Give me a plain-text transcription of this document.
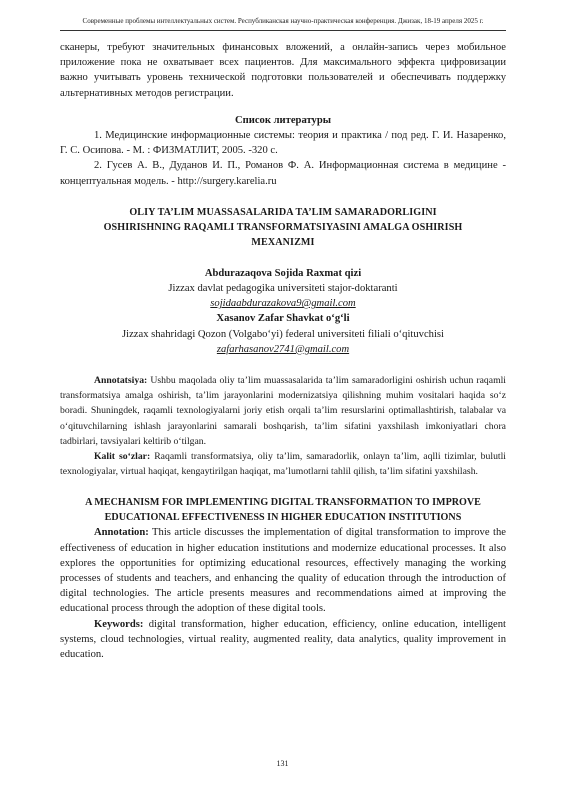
Современные проблемы интеллектуальных систем. Республиканская научно-практическая конференция. Джизак, 18-19 апреля 2025 г.

сканеры, требуют значительных финансовых вложений, а онлайн-запись через мобильное приложение пока не охватывает всех пациентов. Для максимального эффекта цифровизации важно учитывать уровень технической подготовки пользователей и обеспечивать поддержку альтернативных методов регистрации.

Список литературы

1. Медицинские информационные системы: теория и практика / под ред. Г. И. Назаренко, Г. С. Осипова. - М. : ФИЗМАТЛИТ, 2005. -320 с.

2. Гусев А. В., Дуданов И. П., Романов Ф. А. Информационная система в медицине - концептуальная модель. - http://surgery.karelia.ru

OLIY TA’LIM MUASSASALARIDA TA’LIM SAMARADORLIGINI OSHIRISHNING RAQAMLI TRANSFORMATSIYASINI AMALGA OSHIRISH MEXANIZMI

Abdurazaqova Sojida Raxmat qizi

Jizzax davlat pedagogika universiteti stajor-doktaranti

sojidaabdurazakova9@gmail.com

Xasanov Zafar Shavkat o‘g‘li

Jizzax shahridagi Qozon (Volgabo‘yi) federal universiteti filiali o‘qituvchisi

zafarhasanov2741@gmail.com

Annotatsiya: Ushbu maqolada oliy ta’lim muassasalarida ta’lim samaradorligini oshirish uchun raqamli transformatsiya amalga oshirish, ta’lim jarayonlarini modernizatsiya qilishning muhim vositalari haqida so‘z boradi. Shuningdek, raqamli texnologiyalarni joriy etish orqali ta’lim resurslarini optimallashtirish, talabalar va o‘qituvchilarning ishlash jarayonlarini samarali boshqarish, ta’lim sifatini yaxshilash imkoniyatlari chora tadbirlari, tavsiyalari keltirib o‘tilgan.

Kalit so‘zlar: Raqamli transformatsiya, oliy ta’lim, samaradorlik, onlayn ta’lim, aqlli tizimlar, bulutli texnologiyalar, virtual haqiqat, kengaytirilgan haqiqat, ma’lumotlarni tahlil qilish, ta’lim sifatini yaxshilash.

A MECHANISM FOR IMPLEMENTING DIGITAL TRANSFORMATION TO IMPROVE EDUCATIONAL EFFECTIVENESS IN HIGHER EDUCATION INSTITUTIONS

Annotation: This article discusses the implementation of digital transformation to improve the effectiveness of education in higher education institutions and modernize educational processes. It also explores the opportunities for optimizing educational resources, effectively managing the working processes of students and teachers, and enhancing the quality of education through the introduction of digital technologies. The article presents measures and recommendations aimed at improving the educational process through the adoption of these digital tools.

Keywords: digital transformation, higher education, efficiency, online education, intelligent systems, cloud technologies, virtual reality, augmented reality, data analytics, quality improvement in education.

131
